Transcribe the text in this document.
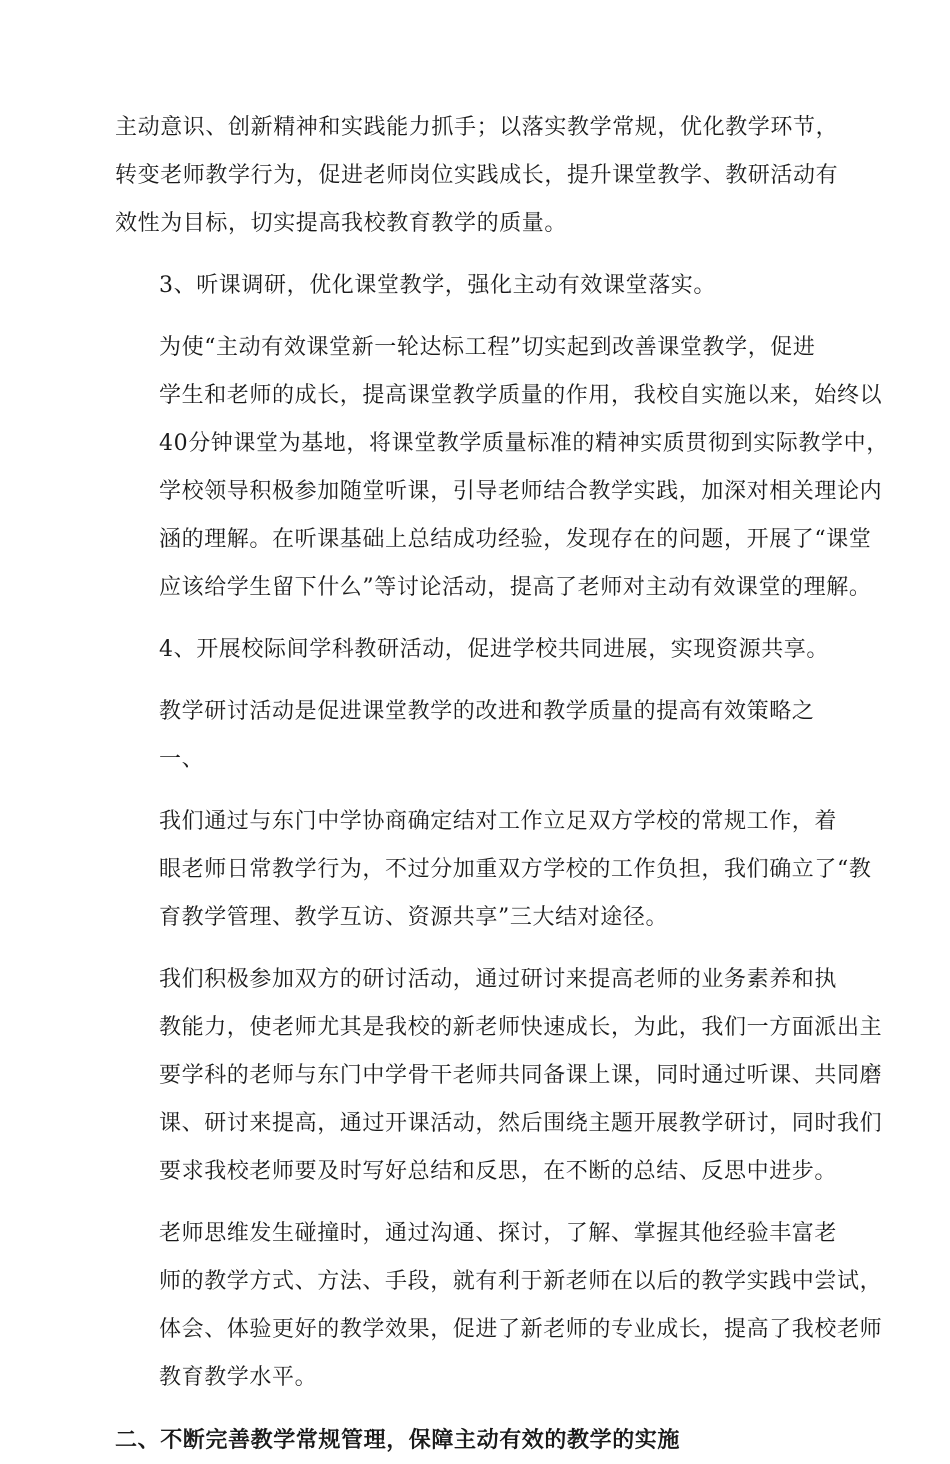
主动意识、创新精神和实践能力抓手；以落实教学常规，优化教学环节，
转变老师教学行为，促进老师岗位实践成长，提升课堂教学、教研活动有
效性为目标，切实提高我校教育教学的质量。
3、听课调研，优化课堂教学，强化主动有效课堂落实。
为使“主动有效课堂新一轮达标工程”切实起到改善课堂教学，促进
学生和老师的成长，提高课堂教学质量的作用，我校自实施以来，始终以
40分钟课堂为基地，将课堂教学质量标准的精神实质贯彻到实际教学中，
学校领导积极参加随堂听课，引导老师结合教学实践，加深对相关理论内
涵的理解。在听课基础上总结成功经验，发现存在的问题，开展了“课堂
应该给学生留下什么”等讨论活动，提高了老师对主动有效课堂的理解。
4、开展校际间学科教研活动，促进学校共同进展，实现资源共享。
教学研讨活动是促进课堂教学的改进和教学质量的提高有效策略之
一、
我们通过与东门中学协商确定结对工作立足双方学校的常规工作，着
眼老师日常教学行为，不过分加重双方学校的工作负担，我们确立了“教
育教学管理、教学互访、资源共享”三大结对途径。
我们积极参加双方的研讨活动，通过研讨来提高老师的业务素养和执
教能力，使老师尤其是我校的新老师快速成长，为此，我们一方面派出主
要学科的老师与东门中学骨干老师共同备课上课，同时通过听课、共同磨
课、研讨来提高，通过开课活动，然后围绕主题开展教学研讨，同时我们
要求我校老师要及时写好总结和反思，在不断的总结、反思中进步。
老师思维发生碰撞时，通过沟通、探讨，了解、掌握其他经验丰富老
师的教学方式、方法、手段，就有利于新老师在以后的教学实践中尝试，
体会、体验更好的教学效果，促进了新老师的专业成长，提高了我校老师
教育教学水平。
二、不断完善教学常规管理，保障主动有效的教学的实施
